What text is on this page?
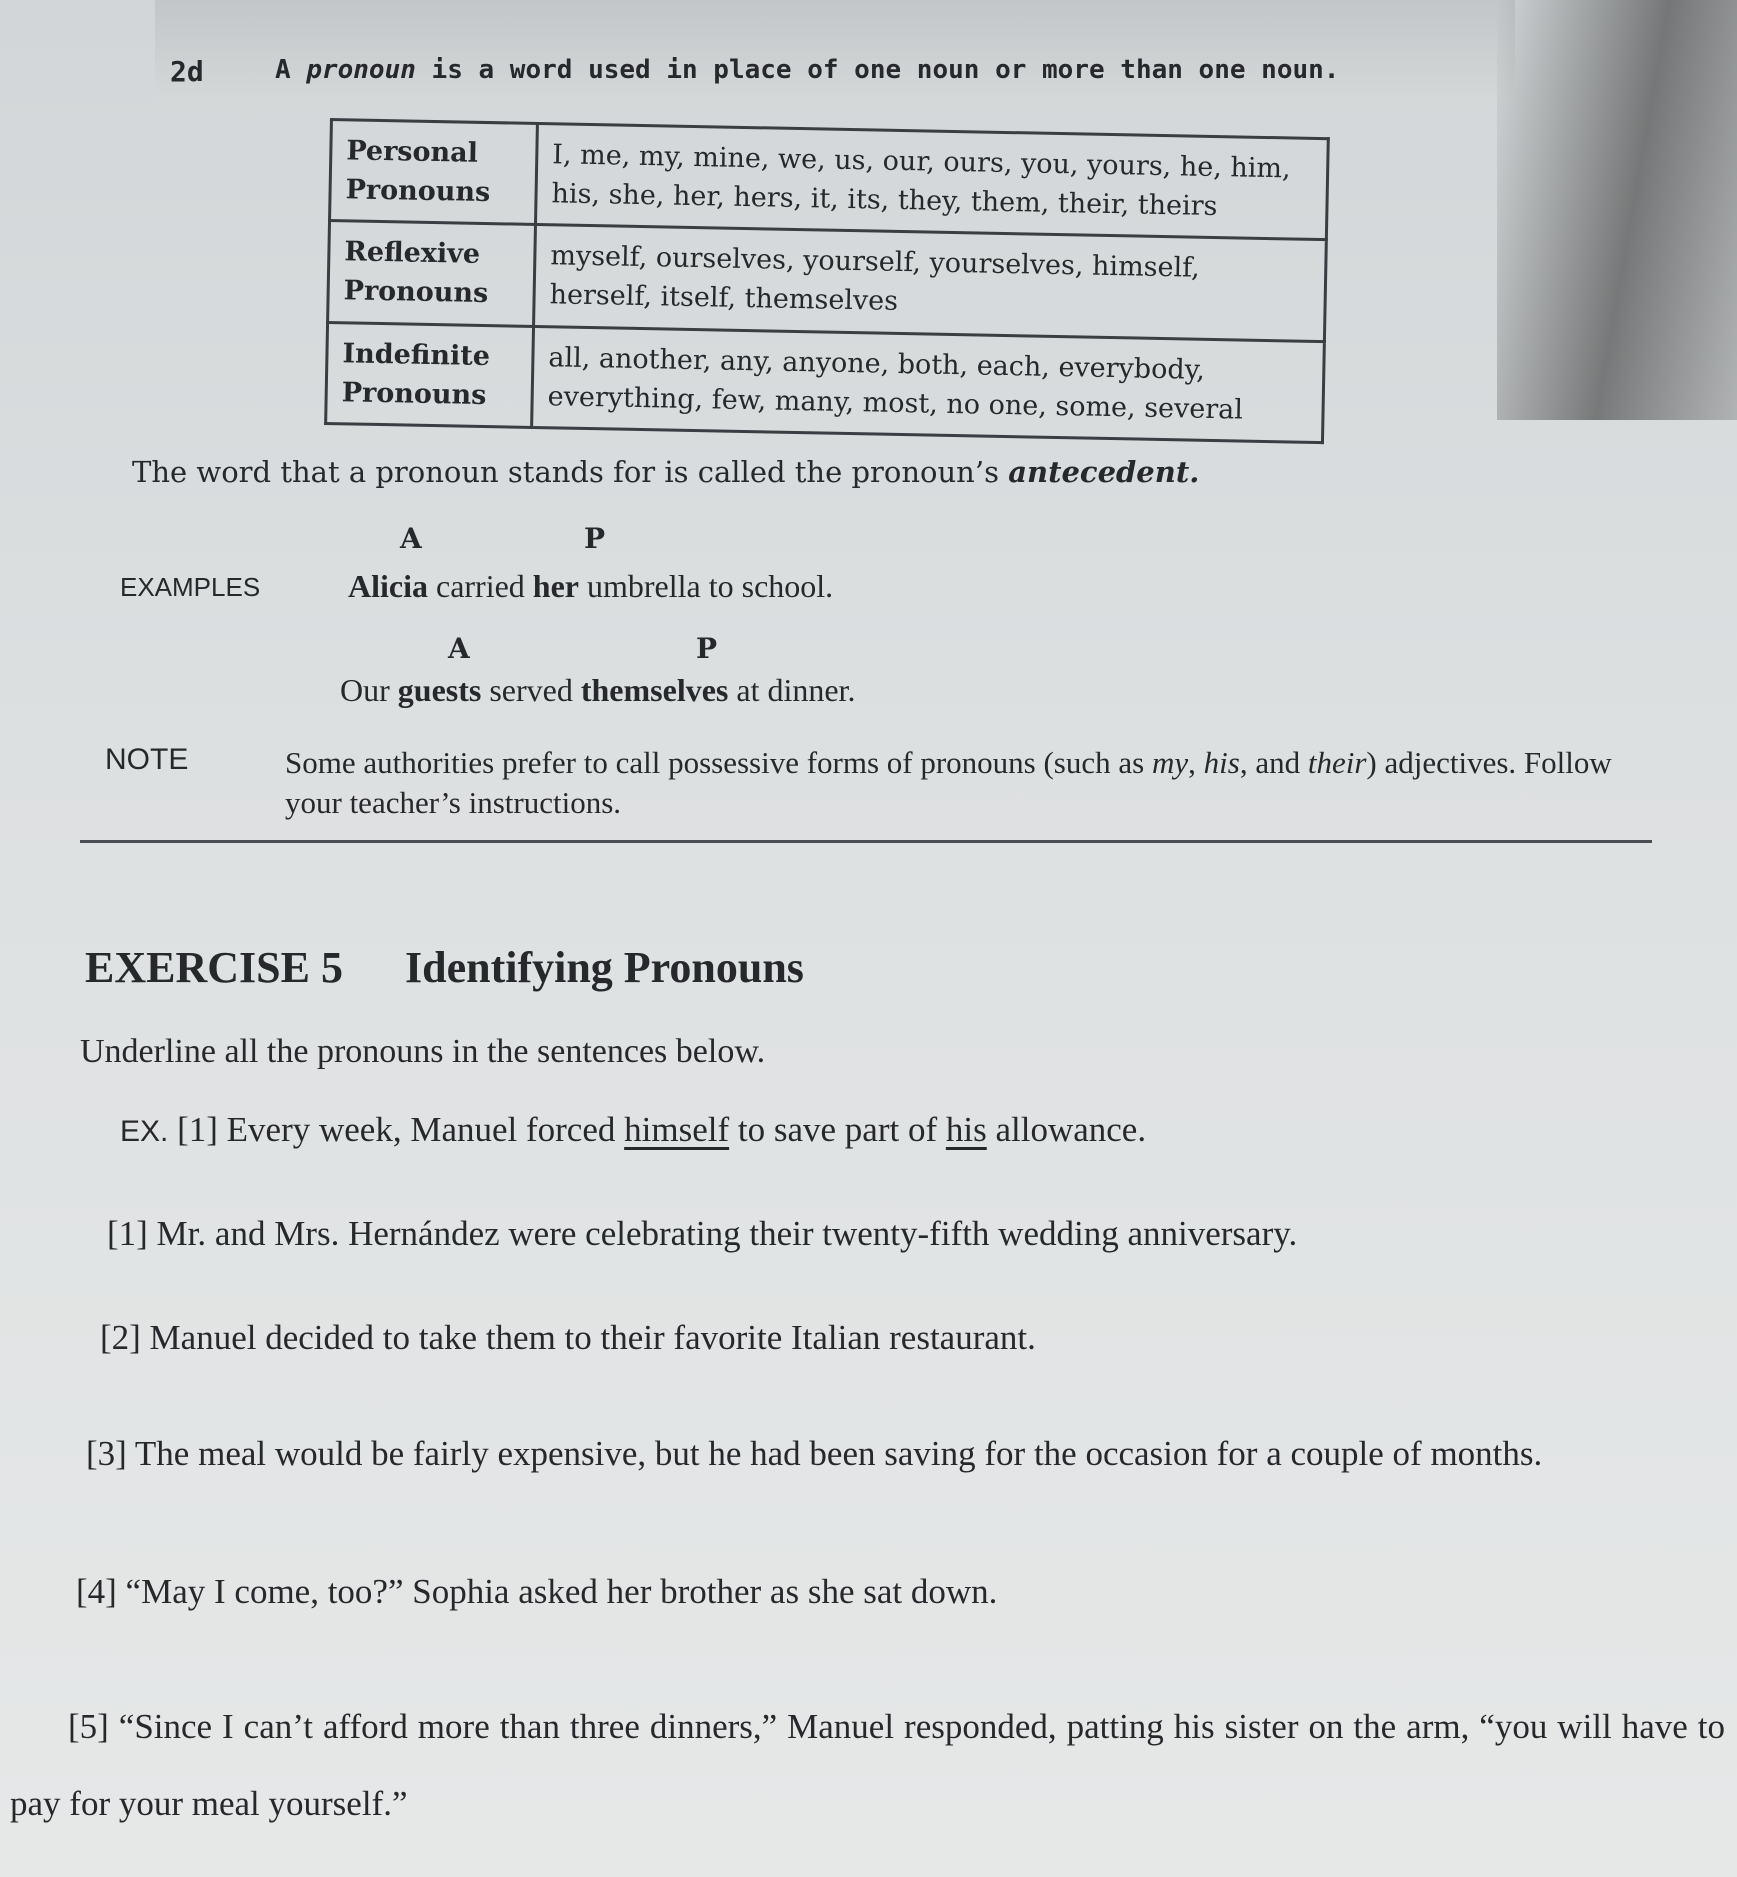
2d	A pronoun is a word used in place of one noun or more than one noun.
Personal Pronouns	I, me, my, mine, we, us, our, ours, you, yours, he, him, his, she, her, hers, it, its, they, them, their, theirs
Reflexive Pronouns	myself, ourselves, yourself, yourselves, himself, herself, itself, themselves
Indefinite Pronouns	all, another, any, anyone, both, each, everybody, everything, few, many, most, no one, some, several
The word that a pronoun stands for is called the pronoun’s antecedent.
A	P
EXAMPLES	Alicia carried her umbrella to school.
A	P
Our guests served themselves at dinner.
NOTE	Some authorities prefer to call possessive forms of pronouns (such as my, his, and their) adjectives. Follow your teacher’s instructions.
EXERCISE 5 Identifying Pronouns
Underline all the pronouns in the sentences below.
EX. [1] Every week, Manuel forced himself to save part of his allowance.
[1] Mr. and Mrs. Hernández were celebrating their twenty-fifth wedding anniversary.
[2] Manuel decided to take them to their favorite Italian restaurant.
[3] The meal would be fairly expensive, but he had been saving for the occasion for a couple of months.
[4] “May I come, too?” Sophia asked her brother as she sat down.
[5] “Since I can’t afford more than three dinners,” Manuel responded, patting his sister on the arm, “you will have to pay for your meal yourself.”
